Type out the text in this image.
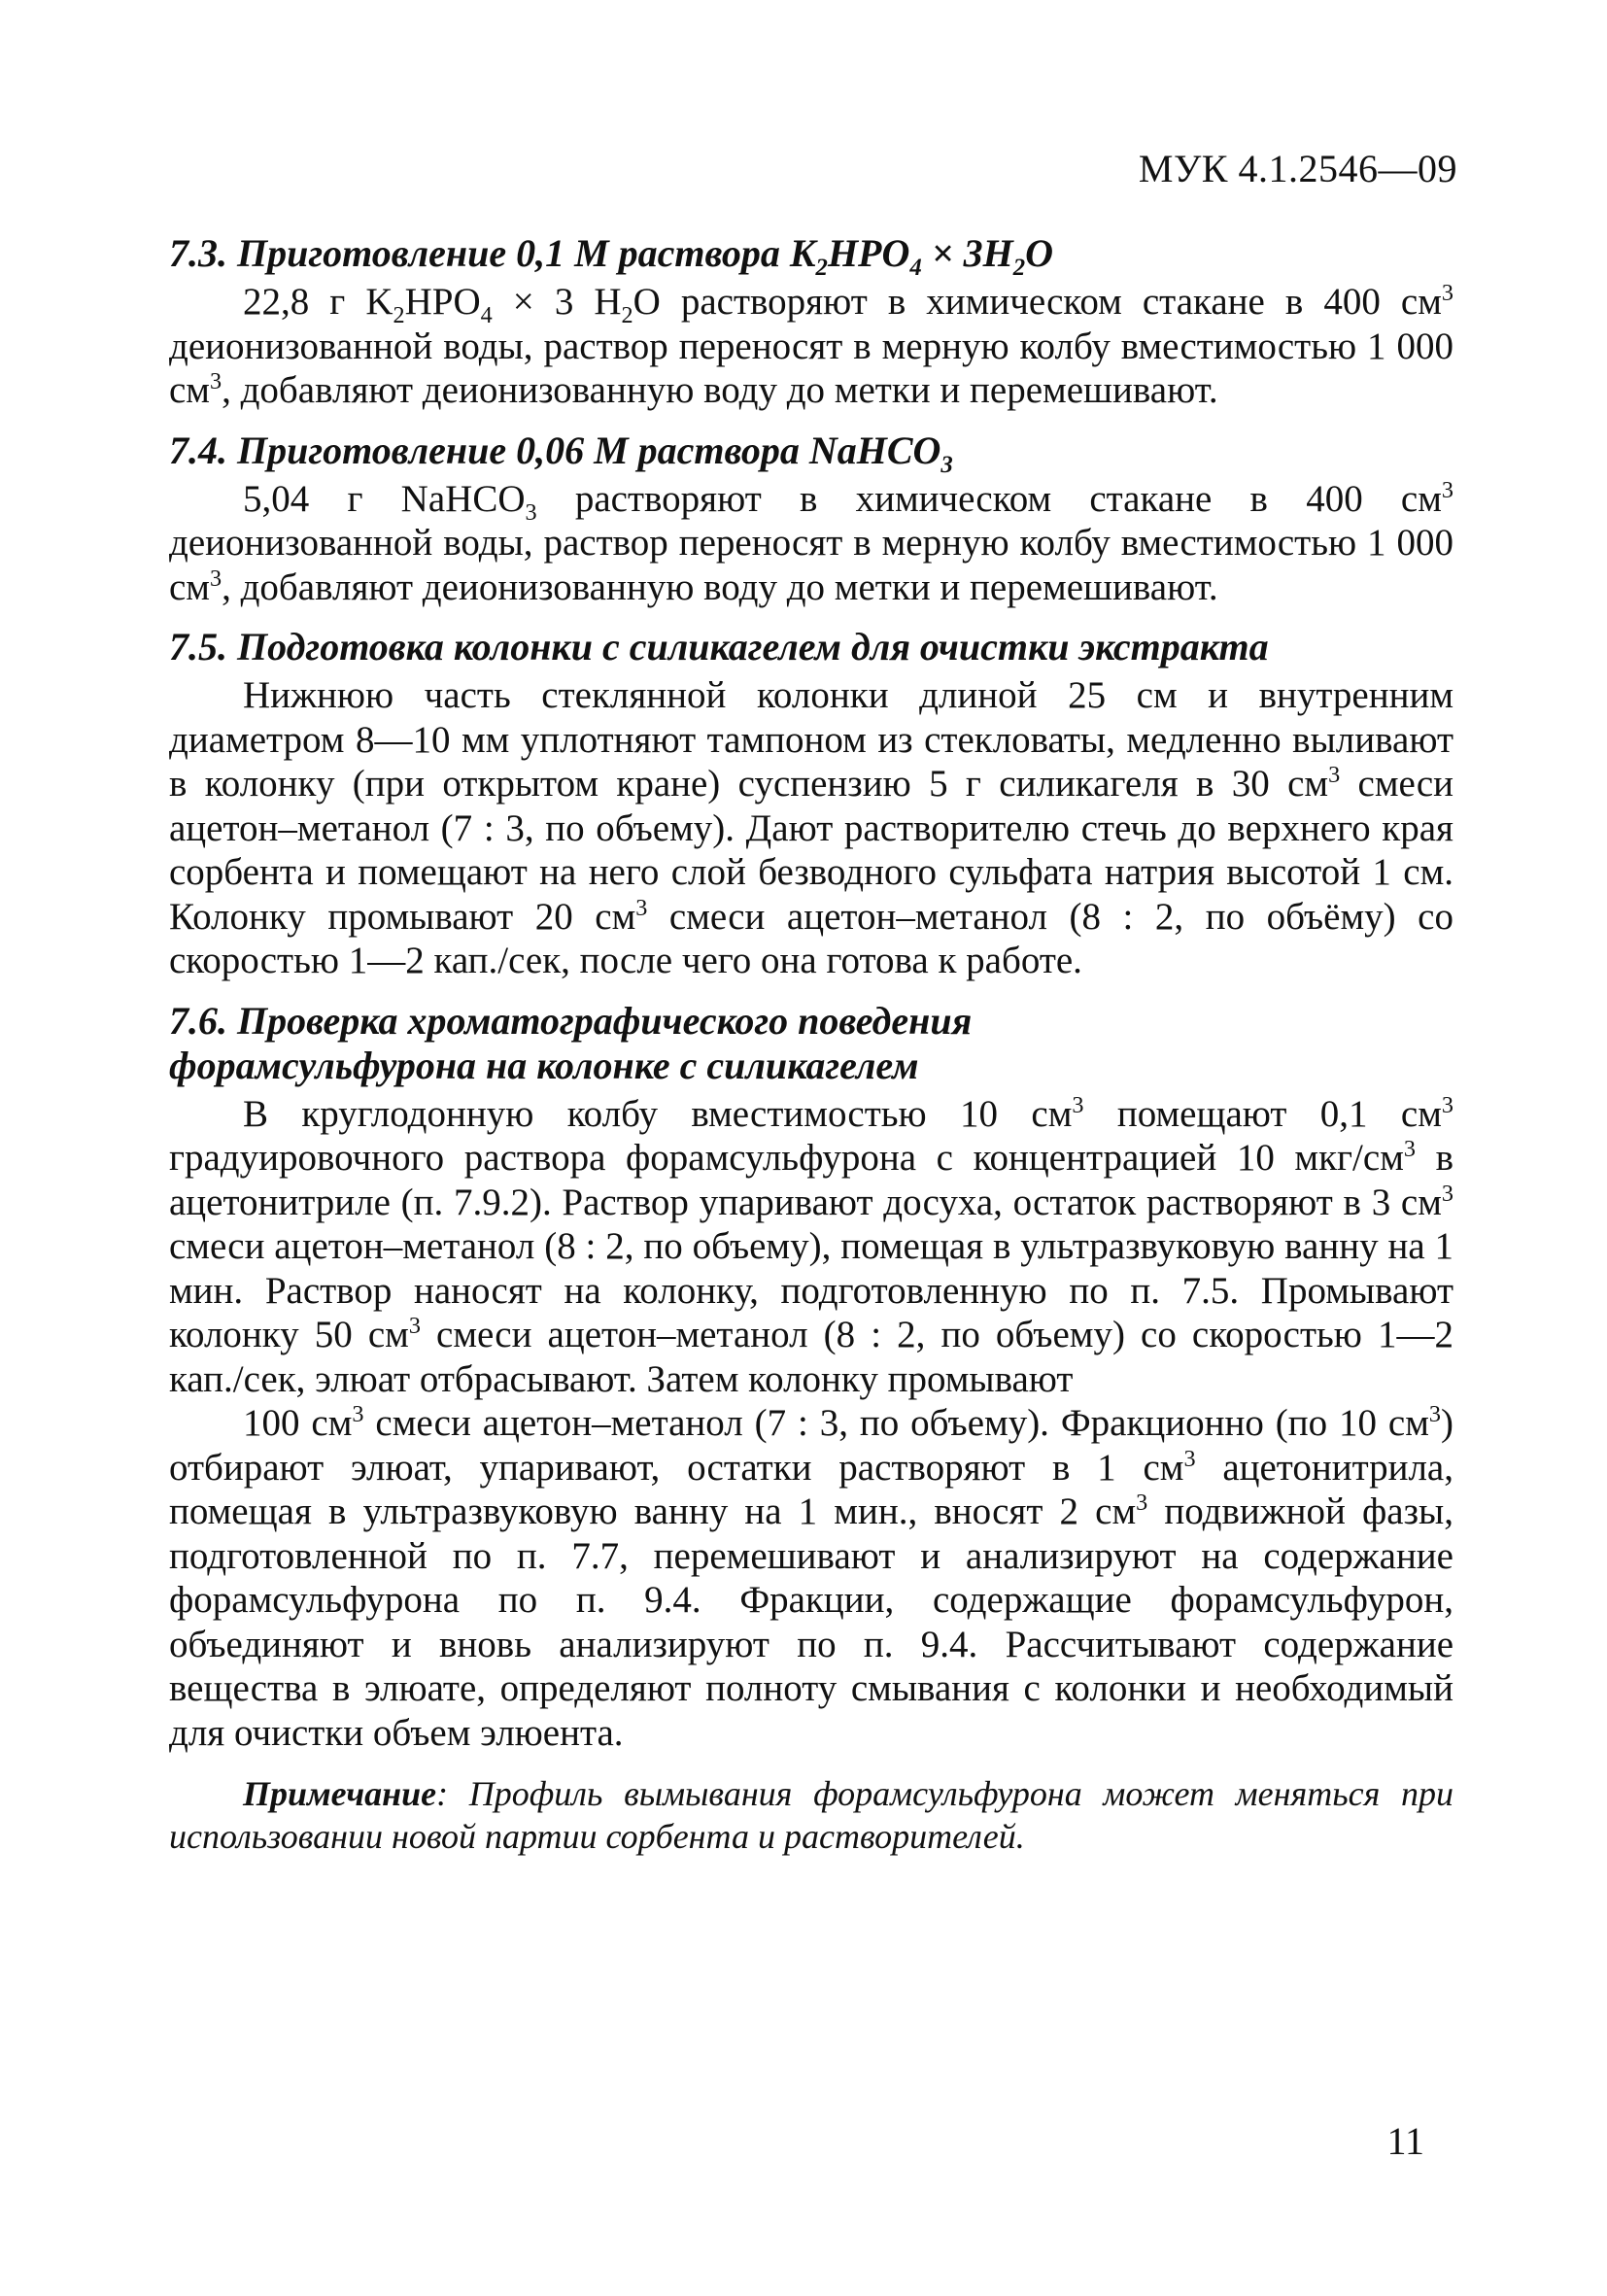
МУК 4.1.2546—09

7.3. Приготовление 0,1 М раствора $K_2HPO_4 \times 3H_2O$

22,8 г $K_2HPO_4 \times 3$ $H_2O$ растворяют в химическом стакане в 400 $см^3$ деионизованной воды, раствор переносят в мерную колбу вместимостью 1 000 $см^3$, добавляют деионизованную воду до метки и перемешивают.

7.4. Приготовление 0,06 М раствора NaHCO$_3$

5,04 г NaHCO$_3$ растворяют в химическом стакане в 400 $см^3$ деионизованной воды, раствор переносят в мерную колбу вместимостью 1 000 $см^3$, добавляют деионизованную воду до метки и перемешивают.

7.5. Подготовка колонки с силикагелем для очистки экстракта

Нижнюю часть стеклянной колонки длиной 25 см и внутренним диаметром 8—10 мм уплотняют тампоном из стекловаты, медленно выливают в колонку (при открытом кране) суспензию 5 г силикагеля в 30 $см^3$ смеси ацетон–метанол (7 : 3, по объему). Дают растворителю стечь до верхнего края сорбента и помещают на него слой безводного сульфата натрия высотой 1 см. Колонку промывают 20 $см^3$ смеси ацетон–метанол (8 : 2, по объёму) со скоростью 1—2 кап./сек, после чего она готова к работе.

7.6. Проверка хроматографического поведения
форамсульфурона на колонке с силикагелем

В круглодонную колбу вместимостью 10 $см^3$ помещают 0,1 $см^3$ градуировочного раствора форамсульфурона с концентрацией 10 мкг/$см^3$ в ацетонитриле (п. 7.9.2). Раствор упаривают досуха, остаток растворяют в 3 $см^3$ смеси ацетон–метанол (8 : 2, по объему), помещая в ультразвуковую ванну на 1 мин. Раствор наносят на колонку, подготовленную по п. 7.5. Промывают колонку 50 $см^3$ смеси ацетон–метанол (8 : 2, по объему) со скоростью 1—2 кап./сек, элюат отбрасывают. Затем колонку промывают

100 $см^3$ смеси ацетон–метанол (7 : 3, по объему). Фракционно (по 10 $см^3$) отбирают элюат, упаривают, остатки растворяют в 1 $см^3$ ацетонитрила, помещая в ультразвуковую ванну на 1 мин., вносят 2 $см^3$ подвижной фазы, подготовленной по п. 7.7, перемешивают и анализируют на содержание форамсульфурона по п. 9.4. Фракции, содержащие форамсульфурон, объединяют и вновь анализируют по п. 9.4. Рассчитывают содержание вещества в элюате, определяют полноту смывания с колонки и необходимый для очистки объем элюента.

Примечание: Профиль вымывания форамсульфурона может меняться при использовании новой партии сорбента и растворителей.

11
